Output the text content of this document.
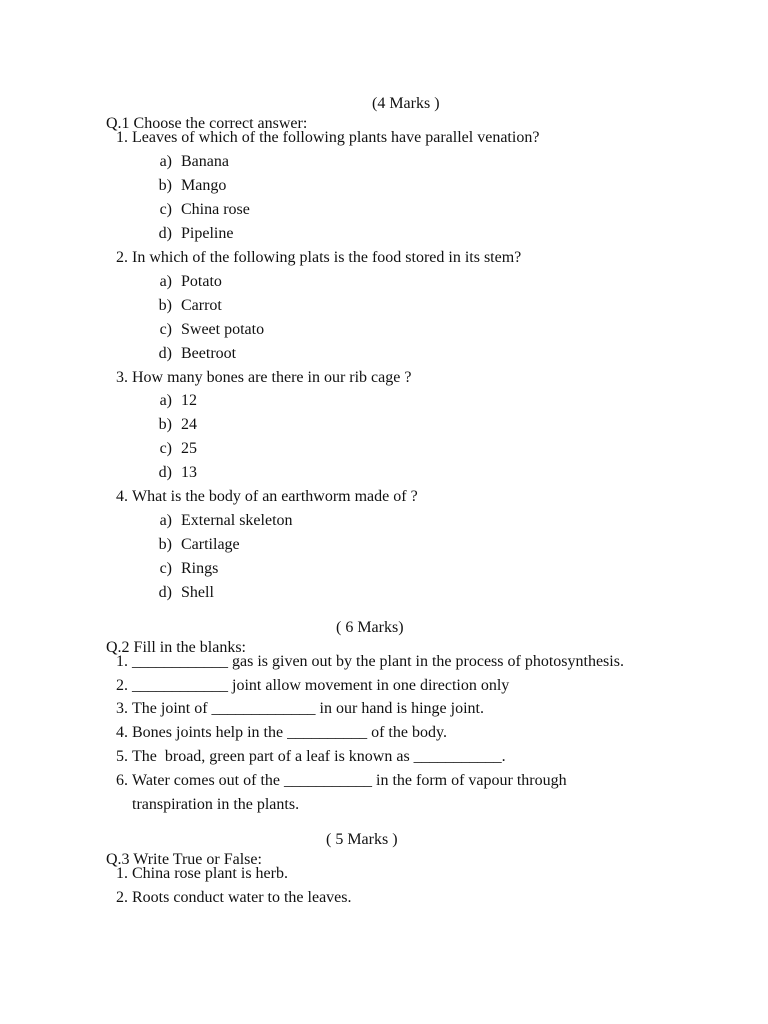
Q.1 Choose the correct answer:

(4 Marks )

1.

Leaves of which of the following plants have parallel venation?

a)

Banana

b)

Mango

c)

China rose

d)

Pipeline

2.

In which of the following plats is the food stored in its stem?

a)

Potato

b)

Carrot

c)

Sweet potato

d)

Beetroot

3.

How many bones are there in our rib cage ?

a)

12

b)

24

c)

25

d)

13

4.

What is the body of an earthworm made of ?

a)

External skeleton

b)

Cartilage

c)

Rings

d)

Shell

Q.2 Fill in the blanks:

( 6 Marks)

1.

____________ gas is given out by the plant in the process of photosynthesis.

2.

____________ joint allow movement in one direction only

3.

The joint of _____________ in our hand is hinge joint.

4.

Bones joints help in the __________ of the body.

5.

The  broad, green part of a leaf is known as ___________.

6.

Water comes out of the ___________ in the form of vapour through

transpiration in the plants.

Q.3 Write True or False:

( 5 Marks )

1.

China rose plant is herb.

2.

Roots conduct water to the leaves.
